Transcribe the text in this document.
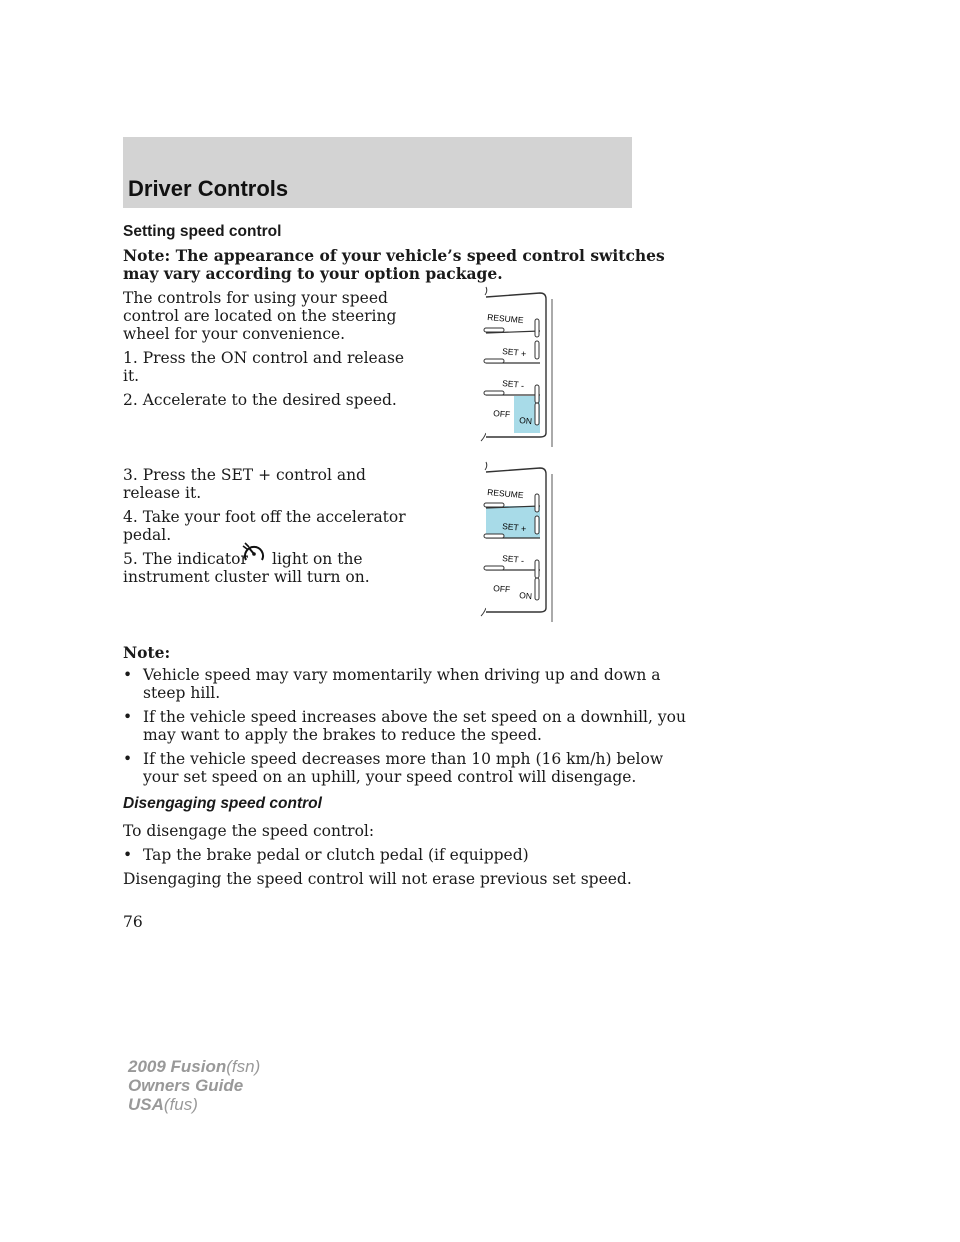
Driver Controls
Setting speed control
Note: The appearance of your vehicle’s speed control switches
may vary according to your option package.
The controls for using your speed
control are located on the steering
wheel for your convenience.
1. Press the ON control and release
it.
2. Accelerate to the desired speed.
3. Press the SET + control and
release it.
4. Take your foot off the accelerator
pedal.
5. The indicator light on the
instrument cluster will turn on.
RESUME
SET +
SET -
OFF
ON
RESUME
SET +
SET -
OFF
ON
Note:
• Vehicle speed may vary momentarily when driving up and down a
steep hill.
• If the vehicle speed increases above the set speed on a downhill, you
may want to apply the brakes to reduce the speed.
• If the vehicle speed decreases more than 10 mph (16 km/h) below
your set speed on an uphill, your speed control will disengage.
Disengaging speed control
To disengage the speed control:
• Tap the brake pedal or clutch pedal (if equipped)
Disengaging the speed control will not erase previous set speed.
76
2009 Fusion(fsn)
Owners Guide
USA(fus)
